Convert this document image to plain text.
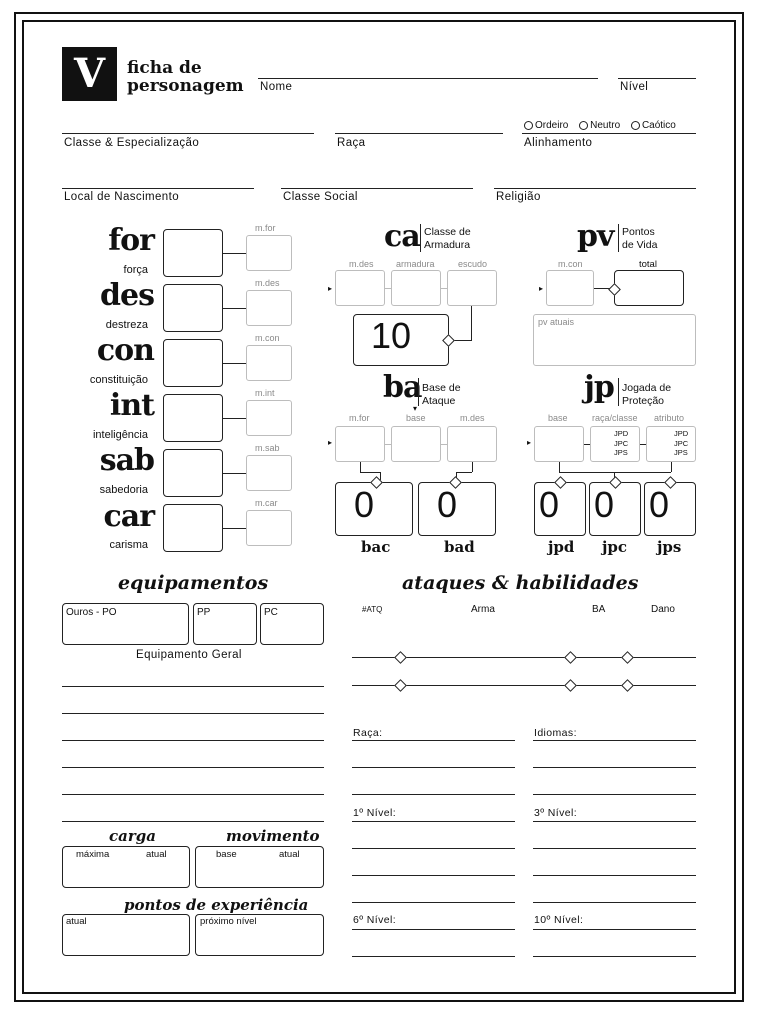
V	ficha de
personagem Nome	Nível
Ordeiro Neutro Caótico
Classe & Especialização	Raça	Alinhamento
Local de Nascimento	Classe Social	Religião
for
força
m.for
des
destreza
m.des
con
constituição
m.con
int
inteligência
m.int
sab
sabedoria
m.sab
car
carisma
m.car
ca Classe de
Armadura
m.des armadura	escudo
▸
10
pv Pontos
de Vida
m.con	total
▸
pv atuais
ba Base de
Ataque
▾
m.for	base	m.des
▸
0
bac
0
bad
jp Jogada de
Proteção
base	raça/classe atributo
▸
JPD
JPC
JPS
JPD
JPC
JPS
0
jpd
0
jpc
0
jps
equipamentos
Ouros - PO	PP	PC
Equipamento Geral
carga
máxima	atual
movimento
base	atual
pontos de experiência
atual	próximo nível
ataques & habilidades
#ATQ	Arma	BA	Dano
Raça:
1º Nível:
6º Nível:
Idiomas:
3º Nível:
10º Nível:
